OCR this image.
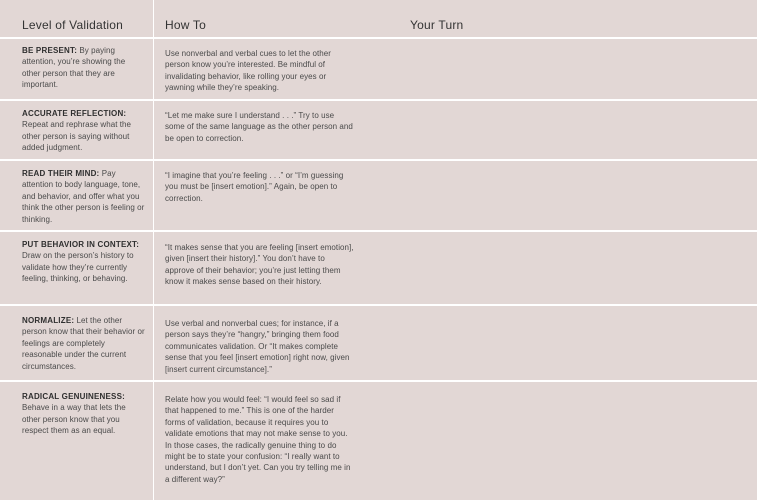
Level of Validation	How To	Your Turn
BE PRESENT: By paying attention, you’re showing the other person that they are important.
Use nonverbal and verbal cues to let the other person know you’re interested. Be mindful of invalidating behavior, like rolling your eyes or yawning while they’re speaking.
ACCURATE REFLECTION: Repeat and rephrase what the other person is saying without added judgment.
“Let me make sure I understand . . .” Try to use some of the same language as the other person and be open to correction.
READ THEIR MIND: Pay attention to body language, tone, and behavior, and offer what you think the other person is feeling or thinking.
“I imagine that you’re feeling . . .” or “I’m guessing you must be [insert emotion].” Again, be open to correction.
PUT BEHAVIOR IN CONTEXT: Draw on the person’s history to validate how they’re currently feeling, thinking, or behaving.
“It makes sense that you are feeling [insert emotion], given [insert their history].” You don’t have to approve of their behavior; you’re just letting them know it makes sense based on their history.
NORMALIZE: Let the other person know that their behavior or feelings are completely reasonable under the current circumstances.
Use verbal and nonverbal cues; for instance, if a person says they’re “hangry,” bringing them food communicates validation. Or “It makes complete sense that you feel [insert emotion] right now, given [insert current circumstance].”
RADICAL GENUINENESS: Behave in a way that lets the other person know that you respect them as an equal.
Relate how you would feel: “I would feel so sad if that happened to me.” This is one of the harder forms of validation, because it requires you to validate emotions that may not make sense to you. In those cases, the radically genuine thing to do might be to state your confusion: “I really want to understand, but I don’t yet. Can you try telling me in a different way?”
